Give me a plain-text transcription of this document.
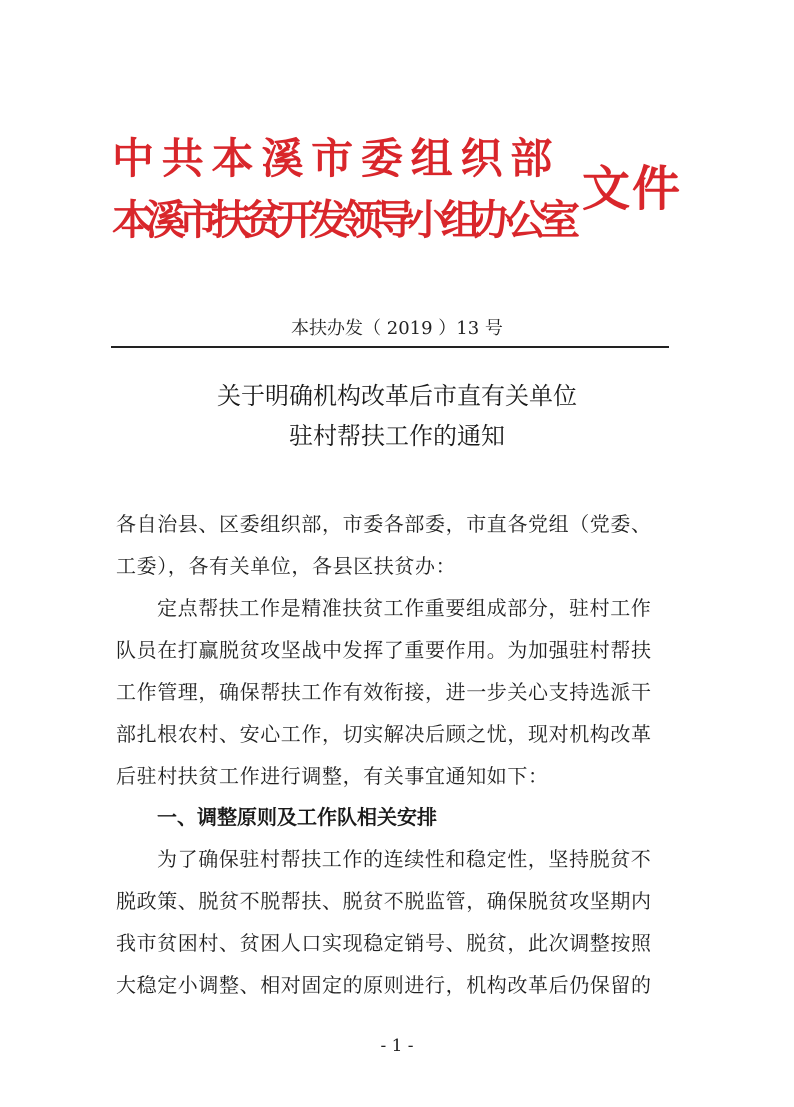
中共本溪市委组织部
本溪市扶贫开发领导小组办公室
文件
本扶办发（ 2019 ）13 号
关于明确机构改革后市直有关单位
驻村帮扶工作的通知
各自治县、区委组织部，市委各部委，市直各党组（党委、
工委），各有关单位，各县区扶贫办：
定点帮扶工作是精准扶贫工作重要组成部分，驻村工作
队员在打赢脱贫攻坚战中发挥了重要作用。为加强驻村帮扶
工作管理，确保帮扶工作有效衔接，进一步关心支持选派干
部扎根农村、安心工作，切实解决后顾之忧，现对机构改革
后驻村扶贫工作进行调整，有关事宜通知如下：
一、调整原则及工作队相关安排
为了确保驻村帮扶工作的连续性和稳定性，坚持脱贫不
脱政策、脱贫不脱帮扶、脱贫不脱监管，确保脱贫攻坚期内
我市贫困村、贫困人口实现稳定销号、脱贫，此次调整按照
大稳定小调整、相对固定的原则进行，机构改革后仍保留的
- 1 -
